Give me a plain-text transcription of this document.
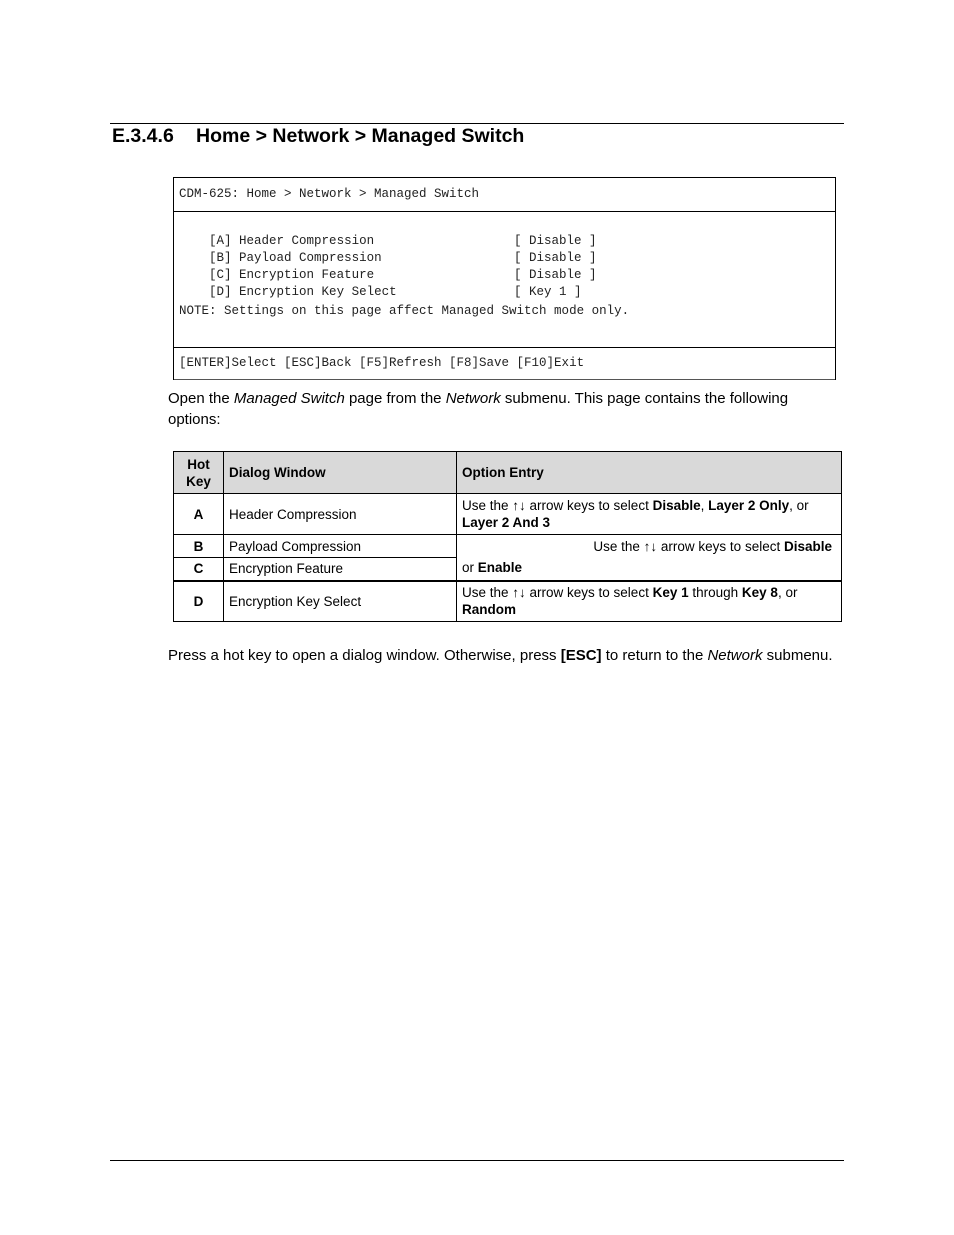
E.3.4.6 Home > Network > Managed Switch
CDM-625: Home > Network > Managed Switch

[A] Header Compression	[ Disable ]

[B] Payload Compression	[ Disable ]

[C] Encryption Feature	[ Disable ]

[D] Encryption Key Select	[ Key 1 ]

NOTE: Settings on this page affect Managed Switch mode only.
[ENTER]Select [ESC]Back [F5]Refresh [F8]Save [F10]Exit
Open the Managed Switch page from the Network submenu. This page contains the following options:
Hot Key	Dialog Window	Option Entry
A	Header Compression	Use the ↑↓ arrow keys to select Disable, Layer 2 Only, or Layer 2 And 3
B	Payload Compression	Use the ↑↓ arrow keys to select Disable
or Enable

C	Encryption Feature	
D	Encryption Key Select	Use the ↑↓ arrow keys to select Key 1 through Key 8, or Random
Press a hot key to open a dialog window. Otherwise, press [ESC] to return to the Network submenu.
